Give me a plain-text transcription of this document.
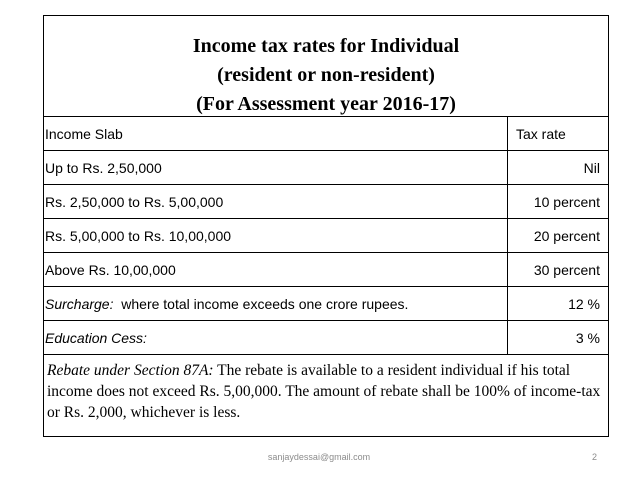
Income tax rates for Individual
(resident or non-resident)
(For Assessment year 2016-17)
Income Slab	Tax rate
Up to Rs. 2,50,000	Nil
Rs. 2,50,000 to Rs. 5,00,000	10 percent
Rs. 5,00,000 to Rs. 10,00,000	20 percent
Above Rs. 10,00,000	30 percent
Surcharge: where total income exceeds one crore rupees.	12 %
Education Cess:	3 %
Rebate under Section 87A: The rebate is available to a resident individual if his total income does not exceed Rs. 5,00,000. The amount of rebate shall be 100% of income-tax or Rs. 2,000, whichever is less.
sanjaydessai@gmail.com	2
